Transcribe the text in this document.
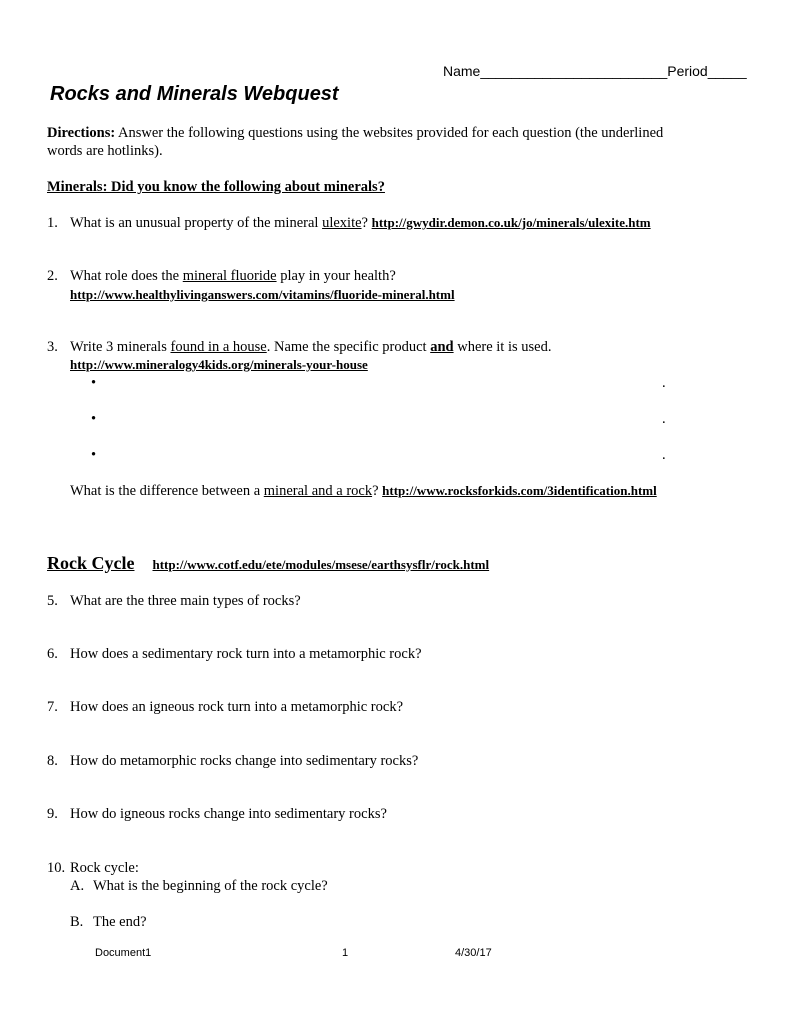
Name________________________Period_____
Rocks and Minerals Webquest
Directions: Answer the following questions using the websites provided for each question (the underlined
words are hotlinks).
Minerals: Did you know the following about minerals?
1. What is an unusual property of the mineral ulexite? http://gwydir.demon.co.uk/jo/minerals/ulexite.htm
2. What role does the mineral fluoride play in your health?
http://www.healthylivinganswers.com/vitamins/fluoride-mineral.html
3. Write 3 minerals found in a house. Name the specific product and where it is used.
http://www.mineralogy4kids.org/minerals-your-house
•	.
•	.
•	.
What is the difference between a mineral and a rock? http://www.rocksforkids.com/3identification.html
Rock Cycle http://www.cotf.edu/ete/modules/msese/earthsysflr/rock.html
5. What are the three main types of rocks?
6. How does a sedimentary rock turn into a metamorphic rock?
7. How does an igneous rock turn into a metamorphic rock?
8. How do metamorphic rocks change into sedimentary rocks?
9. How do igneous rocks change into sedimentary rocks?
10. Rock cycle:
A. What is the beginning of the rock cycle?
B. The end?
Document1	1	4/30/17
